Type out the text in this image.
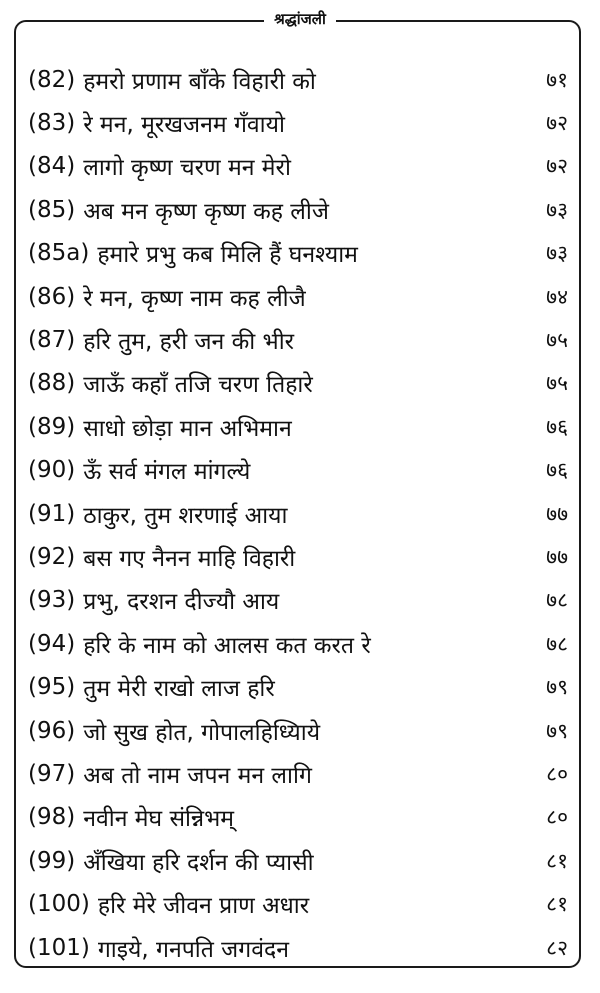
श्रद्धांजली
(82) हमरो प्रणाम बाँके विहारी को	७१
(83) रे मन, मूरखजनम गँवायो	७२
(84) लागो कृष्ण चरण मन मेरो	७२
(85) अब मन कृष्ण कृष्ण कह लीजे	७३
(85a) हमारे प्रभु कब मिलि हैं घनश्याम	७३
(86) रे मन, कृष्ण नाम कह लीजै	७४
(87) हरि तुम, हरी जन की भीर	७५
(88) जाऊँ कहाँ तजि चरण तिहारे	७५
(89) साधो छोड़ा मान अभिमान	७६
(90) ऊँ सर्व मंगल मांगल्ये	७६
(91) ठाकुर, तुम शरणाई आया	७७
(92) बस गए नैनन माहि विहारी	७७
(93) प्रभु, दरशन दीज्यौ आय	७८
(94) हरि के नाम को आलस कत करत रे	७८
(95) तुम मेरी राखो लाज हरि	७९
(96) जो सुख होत, गोपालहिध्यिाये	७९
(97) अब तो नाम जपन मन लागि	८०
(98) नवीन मेघ संन्निभम्	८०
(99) अँखिया हरि दर्शन की प्यासी	८१
(100) हरि मेरे जीवन प्राण अधार	८१
(101) गाइये, गनपति जगवंदन	८२
